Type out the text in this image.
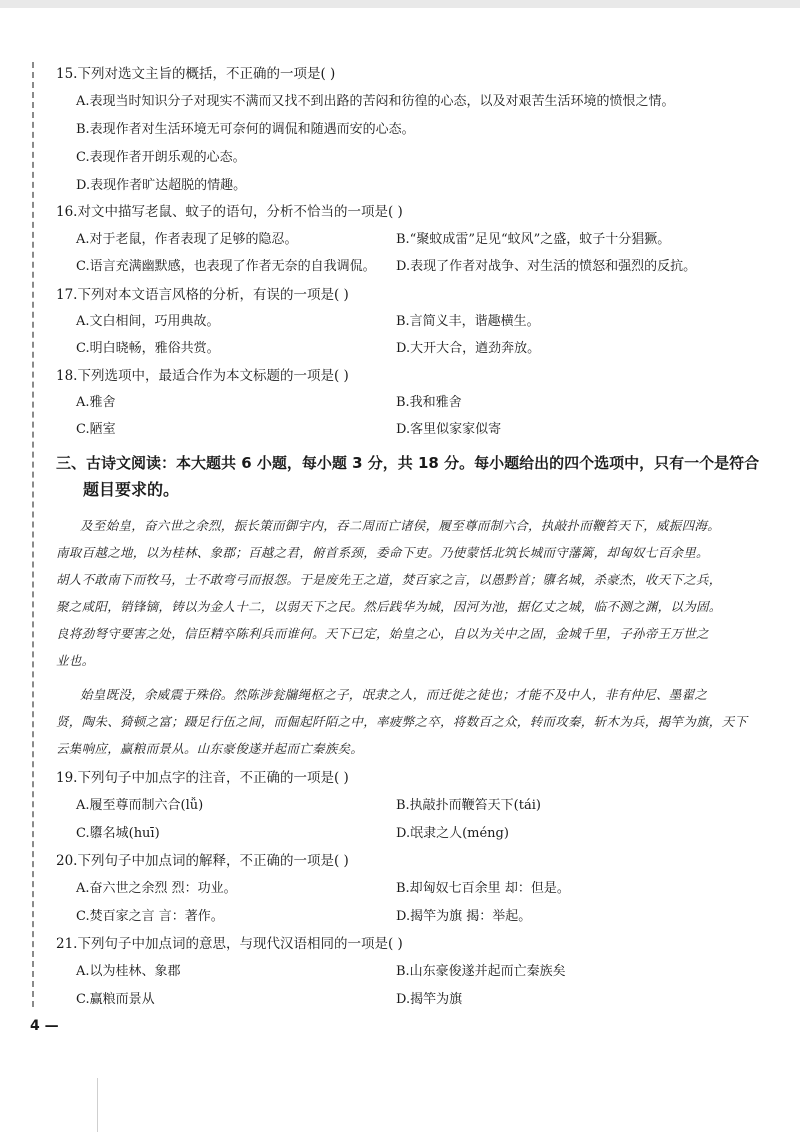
4 —
15.下列对选文主旨的概括，不正确的一项是( )
A.表现当时知识分子对现实不满而又找不到出路的苦闷和彷徨的心态，以及对艰苦生活环境的愤恨之情。
B.表现作者对生活环境无可奈何的调侃和随遇而安的心态。
C.表现作者开朗乐观的心态。
D.表现作者旷达超脱的情趣。
16.对文中描写老鼠、蚊子的语句，分析不恰当的一项是( )
A.对于老鼠，作者表现了足够的隐忍。	B.“聚蚊成雷”足见“蚊风”之盛，蚊子十分猖獗。
C.语言充满幽默感，也表现了作者无奈的自我调侃。 D.表现了作者对战争、对生活的愤怒和强烈的反抗。
17.下列对本文语言风格的分析，有误的一项是( )
A.文白相间，巧用典故。	B.言简义丰，谐趣横生。
C.明白晓畅，雅俗共赏。	D.大开大合，遒劲奔放。
18.下列选项中，最适合作为本文标题的一项是( )
A.雅舍	B.我和雅舍
C.陋室	D.客里似家家似寄
三、古诗文阅读：本大题共 6 小题，每小题 3 分，共 18 分。每小题给出的四个选项中，只有一个是符合
题目要求的。
及至始皇，奋六世之余烈，振长策而御宇内，吞二周而亡诸侯，履至尊而制六合，执敲扑而鞭笞天下，威振四海。
南取百越之地，以为桂林、象郡；百越之君，俯首系颈，委命下吏。乃使蒙恬北筑长城而守藩篱，却匈奴七百余里。
胡人不敢南下而牧马，士不敢弯弓而报怨。于是废先王之道，焚百家之言，以愚黔首；隳名城，杀豪杰，收天下之兵，
聚之咸阳，销锋镝，铸以为金人十二，以弱天下之民。然后践华为城，因河为池，据亿丈之城，临不测之渊，以为固。
良将劲弩守要害之处，信臣精卒陈利兵而谁何。天下已定，始皇之心，自以为关中之固，金城千里，子孙帝王万世之
业也。
始皇既没，余威震于殊俗。然陈涉瓮牖绳枢之子，氓隶之人，而迁徙之徒也；才能不及中人，非有仲尼、墨翟之
贤，陶朱、猗顿之富；蹑足行伍之间，而倔起阡陌之中，率疲弊之卒，将数百之众，转而攻秦，斩木为兵，揭竿为旗，天下
云集响应，赢粮而景从。山东豪俊遂并起而亡秦族矣。
19.下列句子中加点字的注音，不正确的一项是( )
A.履至尊而制六合(lǚ)	B.执敲扑而鞭笞天下(tái)
C.隳名城(huī)	D.氓隶之人(méng)
20.下列句子中加点词的解释，不正确的一项是( )
A.奋六世之余烈 烈：功业。	B.却匈奴七百余里 却：但是。
C.焚百家之言 言：著作。	D.揭竿为旗 揭：举起。
21.下列句子中加点词的意思，与现代汉语相同的一项是( )
A.以为桂林、象郡	B.山东豪俊遂并起而亡秦族矣
C.赢粮而景从	D.揭竿为旗
